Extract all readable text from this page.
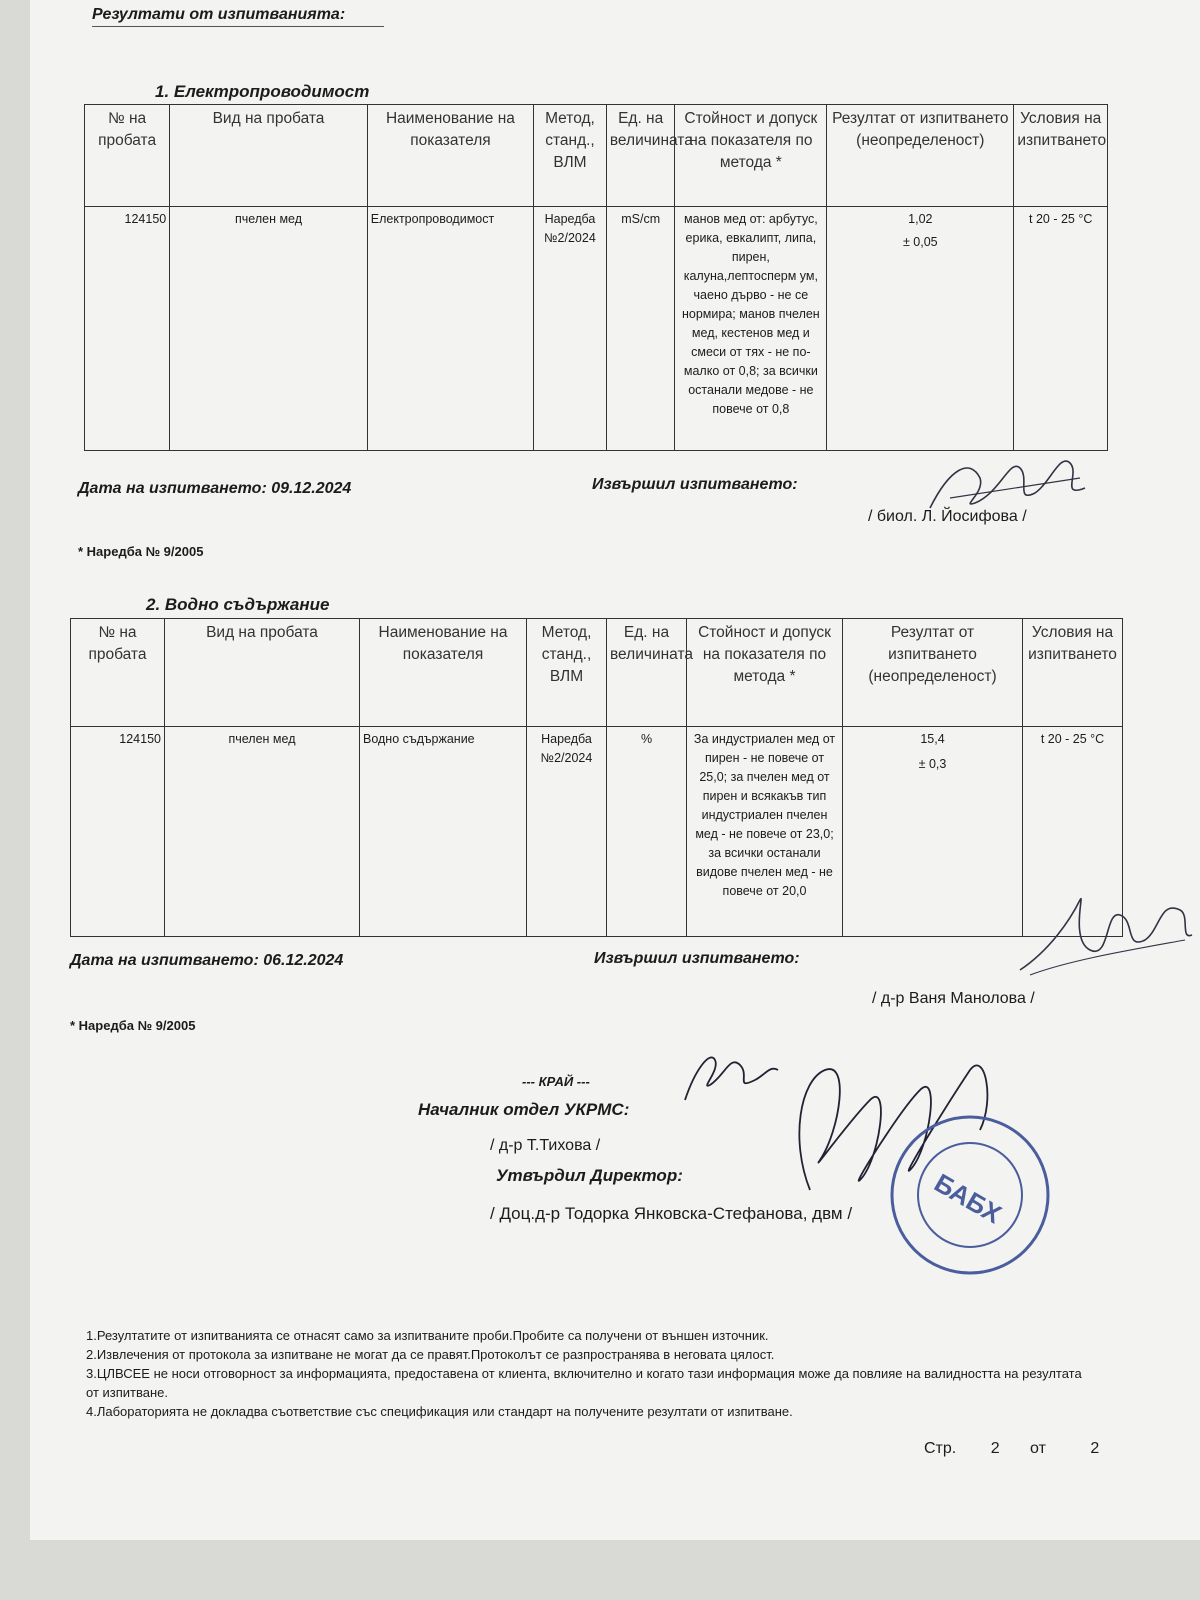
Резултати от изпитванията:
1. Електропроводимост
№ на пробата	Вид на пробата	Наименование на показателя	Метод, станд., ВЛМ	Ед. на величината	Стойност и допуск на показателя по метода *	Резултат от изпитването (неопределеност)	Условия на изпитването
124150	пчелен мед	Електропроводимост	Наредба №2/2024	mS/cm	манов мед от: арбутус, ерика, евкалипт, липа, пирен, калуна,лептосперм ум, чаено дърво - не се нормира; манов пчелен мед, кестенов мед и смеси от тях - не по-малко от 0,8; за всички останали медове - не повече от 0,8	1,02
± 0,05	t 20 - 25 °C
Дата на изпитването: 09.12.2024	Извършил изпитването:
/ биол. Л. Йосифова /
* Наредба № 9/2005
2. Водно съдържание
№ на пробата	Вид на пробата	Наименование на показателя	Метод, станд., ВЛМ	Ед. на величината	Стойност и допуск на показателя по метода *	Резултат от изпитването (неопределеност)	Условия на изпитването
124150	пчелен мед	Водно съдържание	Наредба №2/2024	%	За индустриален мед от пирен - не повече от 25,0; за пчелен мед от пирен и всякакъв тип индустриален пчелен мед - не повече от 23,0; за всички останали видове пчелен мед - не повече от 20,0	15,4
± 0,3	t 20 - 25 °C
Дата на изпитването: 06.12.2024	Извършил изпитването:
/ д-р Ваня Манолова /
* Наредба № 9/2005
--- КРАЙ ---
Началник отдел УКРМС:
/ д-р Т.Тихова /
Утвърдил Директор:
/ Доц.д-р Тодорка Янковска-Стефанова, двм /	БАБХ
1.Резултатите от изпитванията се отнасят само за изпитваните проби.Пробите са получени от външен източник.
2.Извлечения от протокола за изпитване не могат да се правят.Протоколът се разпространява в неговата цялост.
3.ЦЛВСЕЕ не носи отговорност за информацията, предоставена от клиента, включително и когато тази информация може да повлияе на валидността на резултата от изпитване.
4.Лабораторията не докладва съответствие със спецификация или стандарт на получените резултати от изпитване.
Стр. 2 от	2
